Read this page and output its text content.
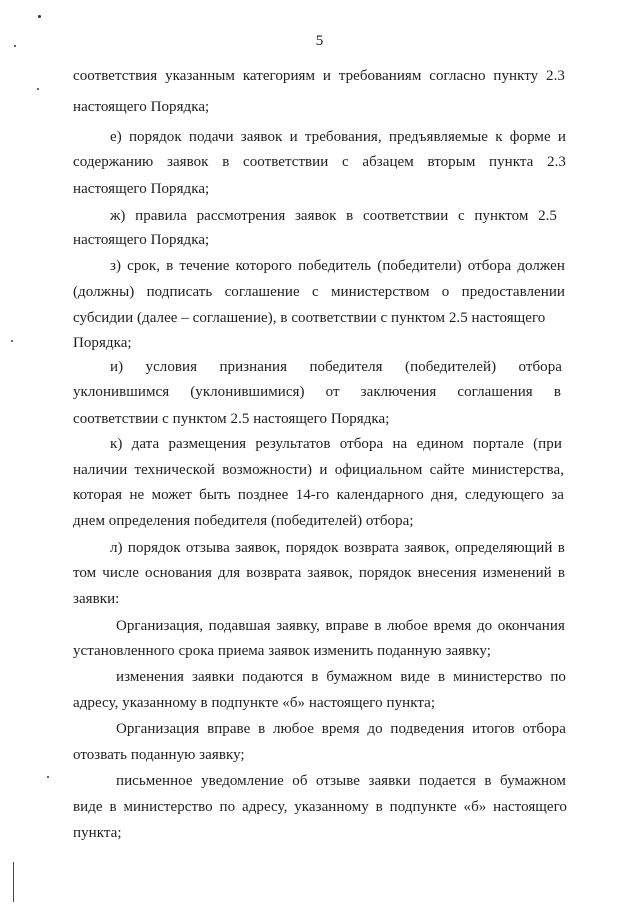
5
соответствия указанным категориям и требованиям согласно пункту 2.3
настоящего Порядка;
е) порядок подачи заявок и требования, предъявляемые к форме и
содержанию заявок в соответствии с абзацем вторым пункта 2.3
настоящего Порядка;
ж) правила рассмотрения заявок в соответствии с пунктом 2.5
настоящего Порядка;
з) срок, в течение которого победитель (победители) отбора должен
(должны) подписать соглашение с министерством о предоставлении
субсидии (далее – соглашение), в соответствии с пунктом 2.5 настоящего
Порядка;
и) условия признания победителя (победителей) отбора
уклонившимся (уклонившимися) от заключения соглашения в
соответствии с пунктом 2.5 настоящего Порядка;
к) дата размещения результатов отбора на едином портале (при
наличии технической возможности) и официальном сайте министерства,
которая не может быть позднее 14-го календарного дня, следующего за
днем определения победителя (победителей) отбора;
л) порядок отзыва заявок, порядок возврата заявок, определяющий в
том числе основания для возврата заявок, порядок внесения изменений в
заявки:
Организация, подавшая заявку, вправе в любое время до окончания
установленного срока приема заявок изменить поданную заявку;
изменения заявки подаются в бумажном виде в министерство по
адресу, указанному в подпункте «б» настоящего пункта;
Организация вправе в любое время до подведения итогов отбора
отозвать поданную заявку;
письменное уведомление об отзыве заявки подается в бумажном
виде в министерство по адресу, указанному в подпункте «б» настоящего
пункта;
